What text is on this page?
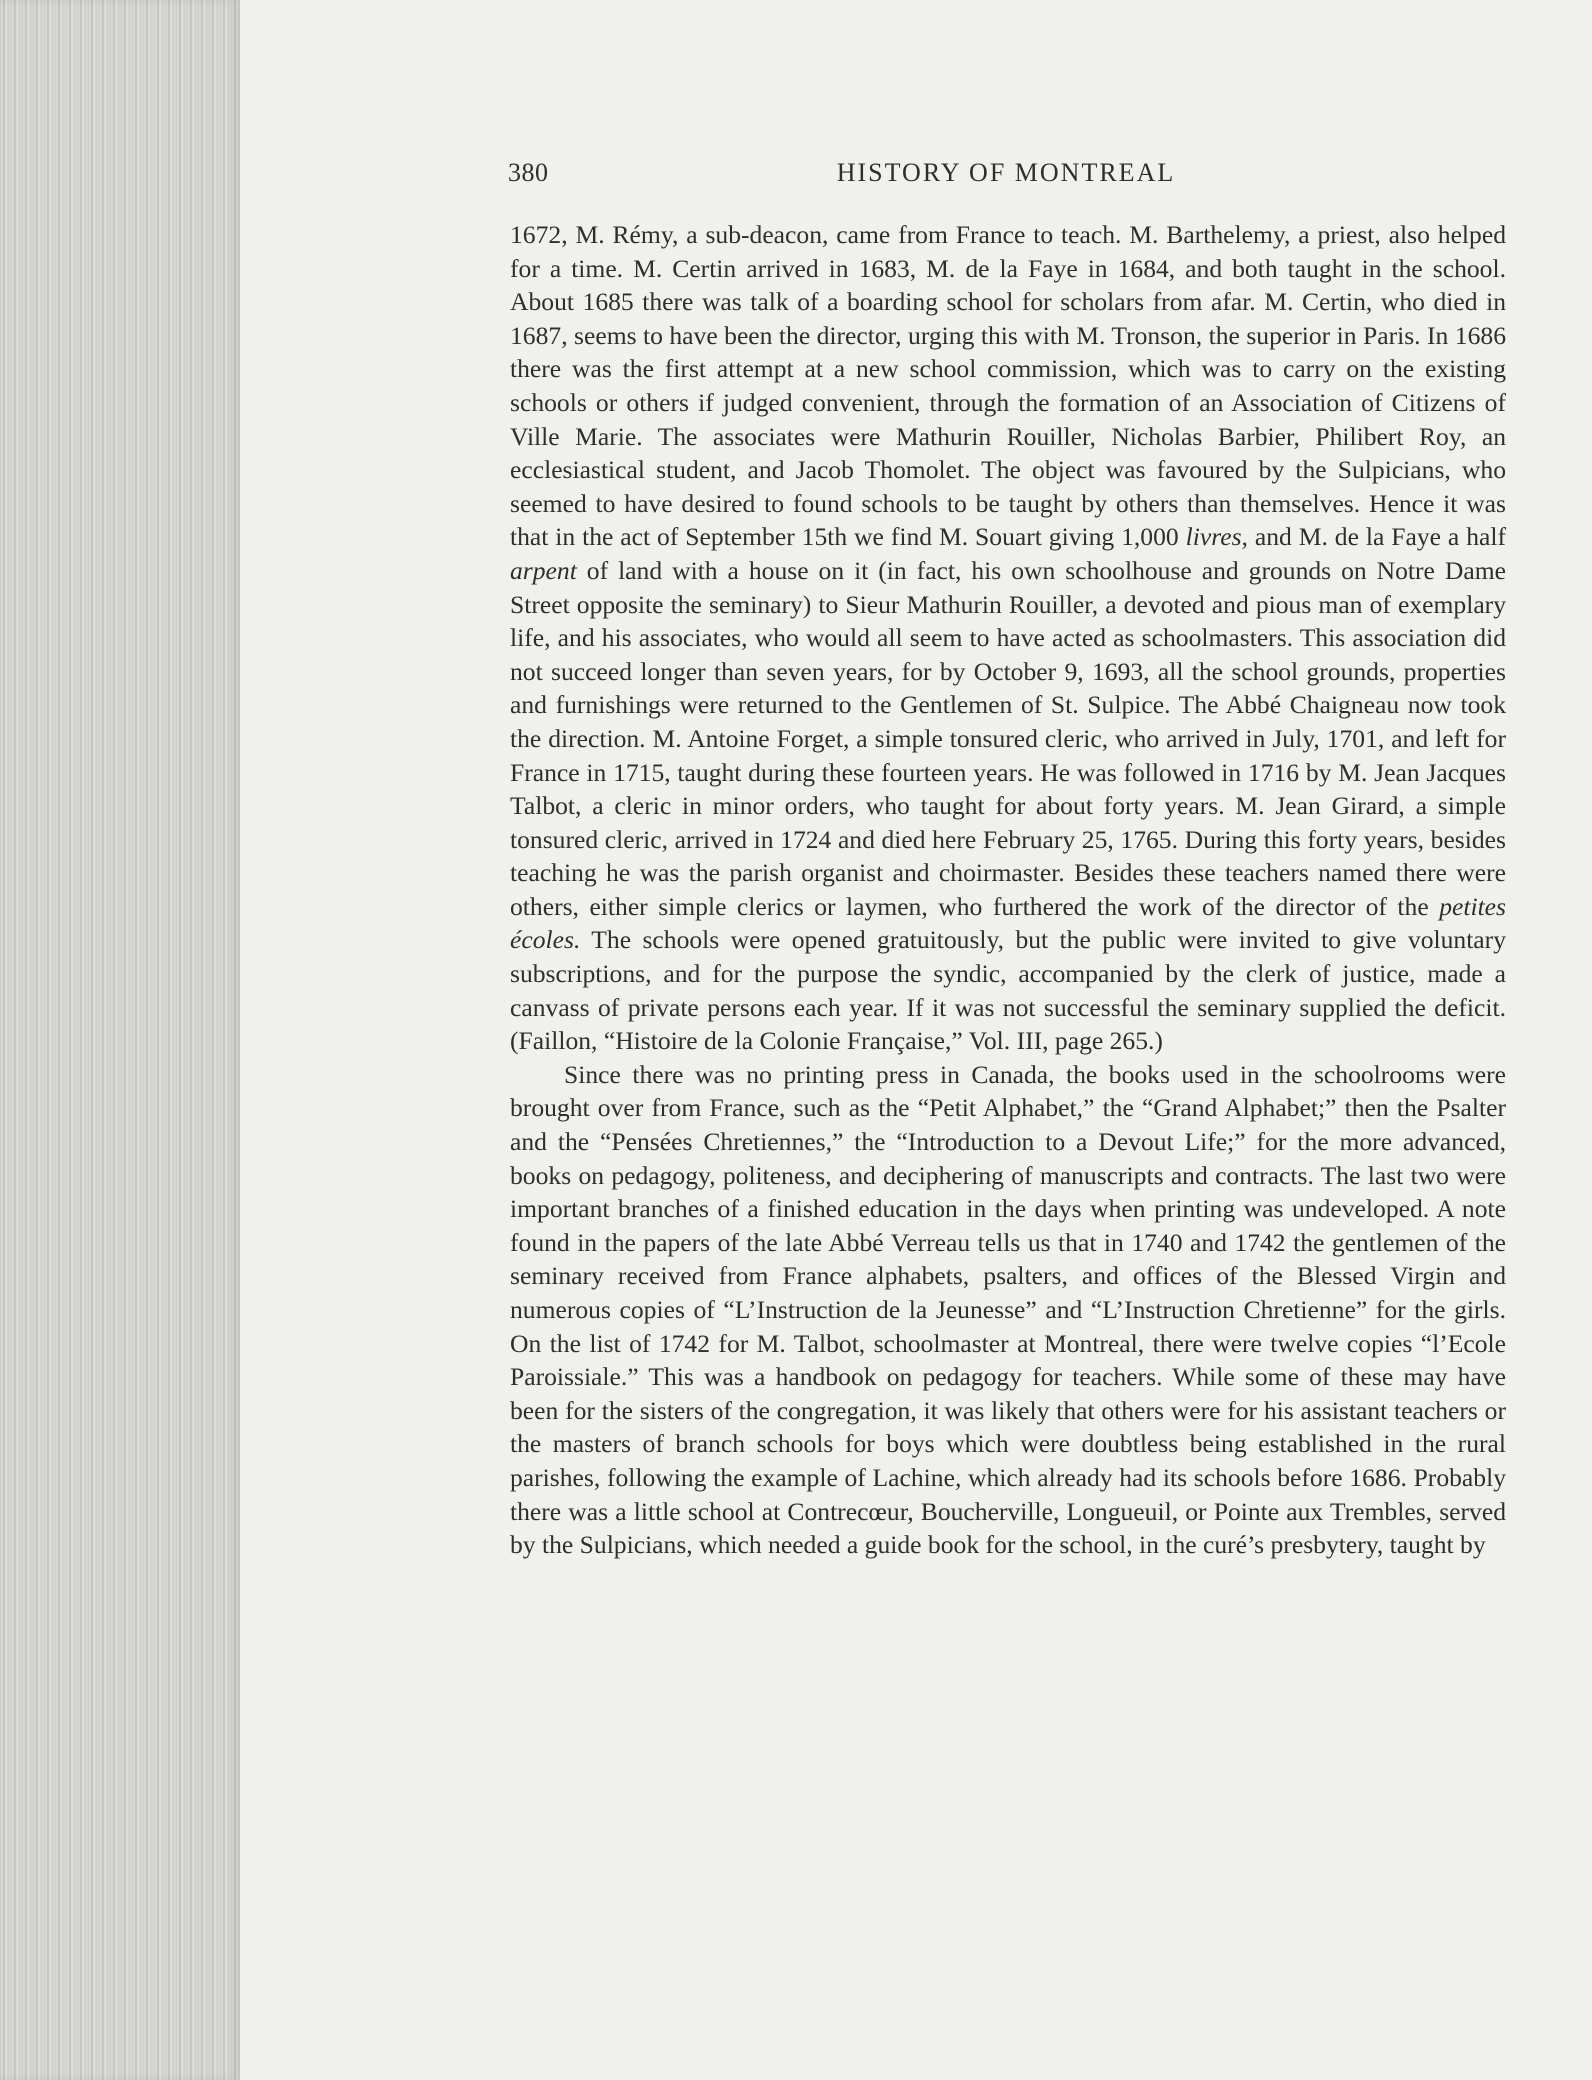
380	HISTORY OF MONTREAL

1672, M. Rémy, a sub-deacon, came from France to teach. M. Barthelemy, a priest, also helped for a time. M. Certin arrived in 1683, M. de la Faye in 1684, and both taught in the school. About 1685 there was talk of a boarding school for scholars from afar. M. Certin, who died in 1687, seems to have been the director, urging this with M. Tronson, the superior in Paris. In 1686 there was the first attempt at a new school commission, which was to carry on the existing schools or others if judged convenient, through the formation of an Association of Citizens of Ville Marie. The associates were Mathurin Rouiller, Nicholas Barbier, Philibert Roy, an ecclesiastical student, and Jacob Thomolet. The object was favoured by the Sulpicians, who seemed to have desired to found schools to be taught by others than themselves. Hence it was that in the act of September 15th we find M. Souart giving 1,000 livres, and M. de la Faye a half arpent of land with a house on it (in fact, his own schoolhouse and grounds on Notre Dame Street opposite the seminary) to Sieur Mathurin Rouiller, a devoted and pious man of exemplary life, and his associates, who would all seem to have acted as schoolmasters. This association did not succeed longer than seven years, for by October 9, 1693, all the school grounds, properties and furnishings were returned to the Gentlemen of St. Sulpice. The Abbé Chaigneau now took the direction. M. Antoine Forget, a simple tonsured cleric, who arrived in July, 1701, and left for France in 1715, taught during these fourteen years. He was followed in 1716 by M. Jean Jacques Talbot, a cleric in minor orders, who taught for about forty years. M. Jean Girard, a simple tonsured cleric, arrived in 1724 and died here February 25, 1765. During this forty years, besides teaching he was the parish organist and choirmaster. Besides these teachers named there were others, either simple clerics or laymen, who furthered the work of the director of the petites écoles. The schools were opened gratuitously, but the public were invited to give voluntary subscriptions, and for the purpose the syndic, accompanied by the clerk of justice, made a canvass of private persons each year. If it was not successful the seminary supplied the deficit. (Faillon, “Histoire de la Colonie Française,” Vol. III, page 265.)

Since there was no printing press in Canada, the books used in the schoolrooms were brought over from France, such as the “Petit Alphabet,” the “Grand Alphabet;” then the Psalter and the “Pensées Chretiennes,” the “Introduction to a Devout Life;” for the more advanced, books on pedagogy, politeness, and deciphering of manuscripts and contracts. The last two were important branches of a finished education in the days when printing was undeveloped. A note found in the papers of the late Abbé Verreau tells us that in 1740 and 1742 the gentlemen of the seminary received from France alphabets, psalters, and offices of the Blessed Virgin and numerous copies of “L’Instruction de la Jeunesse” and “L’Instruction Chretienne” for the girls. On the list of 1742 for M. Talbot, schoolmaster at Montreal, there were twelve copies “l’Ecole Paroissiale.” This was a handbook on pedagogy for teachers. While some of these may have been for the sisters of the congregation, it was likely that others were for his assistant teachers or the masters of branch schools for boys which were doubtless being established in the rural parishes, following the example of Lachine, which already had its schools before 1686. Probably there was a little school at Contrecœur, Boucherville, Longueuil, or Pointe aux Trembles, served by the Sulpicians, which needed a guide book for the school, in the curé’s presbytery, taught by
